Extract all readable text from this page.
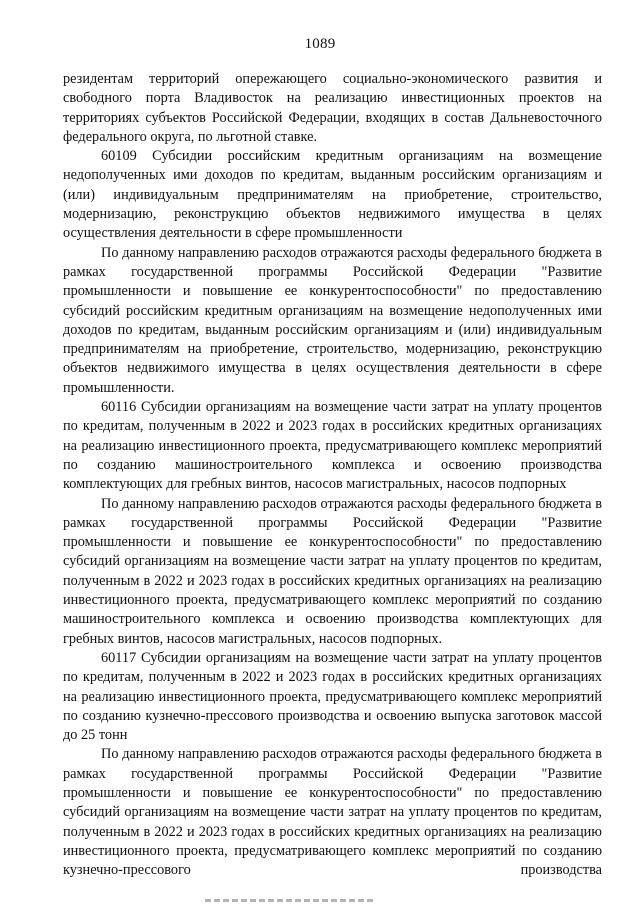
1089

резидентам территорий опережающего социально-экономического развития и свободного порта Владивосток на реализацию инвестиционных проектов на территориях субъектов Российской Федерации, входящих в состав Дальневосточного федерального округа, по льготной ставке.

60109 Субсидии российским кредитным организациям на возмещение недополученных ими доходов по кредитам, выданным российским организациям и (или) индивидуальным предпринимателям на приобретение, строительство, модернизацию, реконструкцию объектов недвижимого имущества в целях осуществления деятельности в сфере промышленности

По данному направлению расходов отражаются расходы федерального бюджета в рамках государственной программы Российской Федерации "Развитие промышленности и повышение ее конкурентоспособности" по предоставлению субсидий российским кредитным организациям на возмещение недополученных ими доходов по кредитам, выданным российским организациям и (или) индивидуальным предпринимателям на приобретение, строительство, модернизацию, реконструкцию объектов недвижимого имущества в целях осуществления деятельности в сфере промышленности.

60116 Субсидии организациям на возмещение части затрат на уплату процентов по кредитам, полученным в 2022 и 2023 годах в российских кредитных организациях на реализацию инвестиционного проекта, предусматривающего комплекс мероприятий по созданию машиностроительного комплекса и освоению производства комплектующих для гребных винтов, насосов магистральных, насосов подпорных

По данному направлению расходов отражаются расходы федерального бюджета в рамках государственной программы Российской Федерации "Развитие промышленности и повышение ее конкурентоспособности" по предоставлению субсидий организациям на возмещение части затрат на уплату процентов по кредитам, полученным в 2022 и 2023 годах в российских кредитных организациях на реализацию инвестиционного проекта, предусматривающего комплекс мероприятий по созданию машиностроительного комплекса и освоению производства комплектующих для гребных винтов, насосов магистральных, насосов подпорных.

60117 Субсидии организациям на возмещение части затрат на уплату процентов по кредитам, полученным в 2022 и 2023 годах в российских кредитных организациях на реализацию инвестиционного проекта, предусматривающего комплекс мероприятий по созданию кузнечно-прессового производства и освоению выпуска заготовок массой до 25 тонн

По данному направлению расходов отражаются расходы федерального бюджета в рамках государственной программы Российской Федерации "Развитие промышленности и повышение ее конкурентоспособности" по предоставлению субсидий организациям на возмещение части затрат на уплату процентов по кредитам, полученным в 2022 и 2023 годах в российских кредитных организациях на реализацию инвестиционного проекта, предусматривающего комплекс мероприятий по созданию кузнечно-прессового производства
